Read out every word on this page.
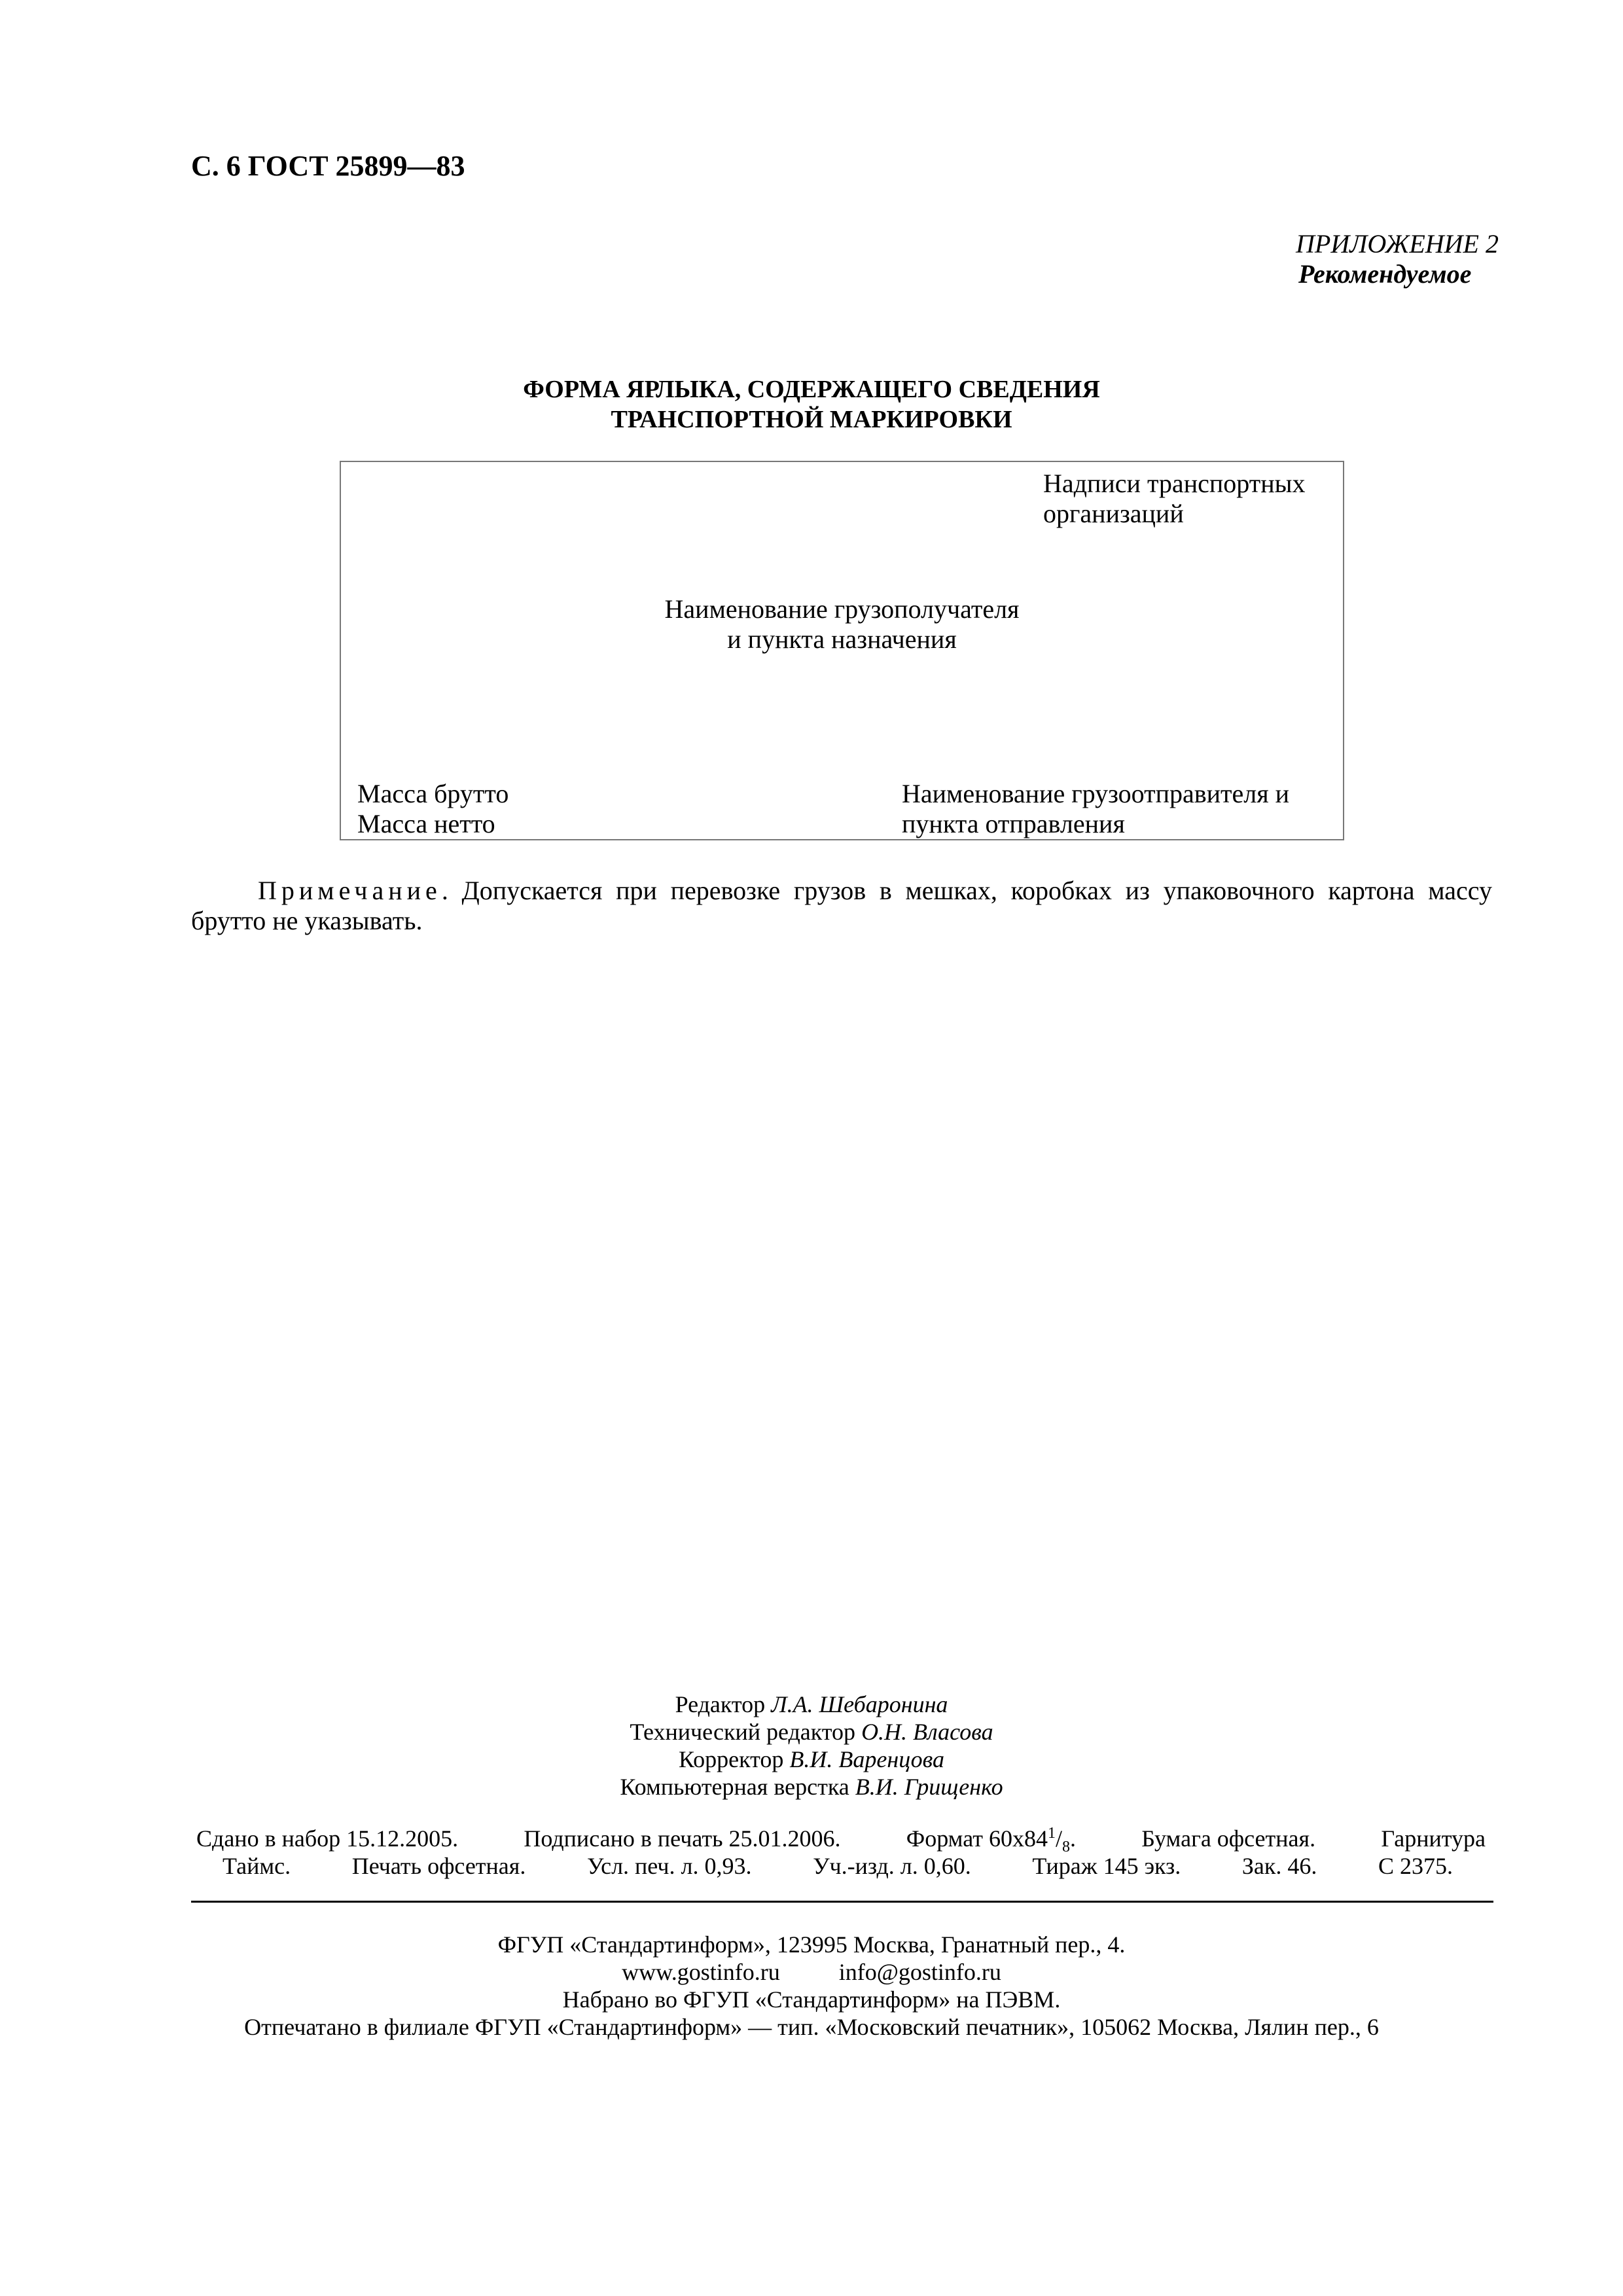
С. 6 ГОСТ 25899—83
ПРИЛОЖЕНИЕ 2
Рекомендуемое
ФОРМА ЯРЛЫКА, СОДЕРЖАЩЕГО СВЕДЕНИЯ
ТРАНСПОРТНОЙ МАРКИРОВКИ
Надписи транспортных
организаций
Наименование грузополучателя
и пункта назначения
Масса брутто
Масса нетто
Наименование грузоотправителя и
пункта отправления
Примечание. Допускается при перевозке грузов в мешках, коробках из упаковочного картона массу брутто не указывать.
Редактор Л.А. Шебаронина
Технический редактор О.Н. Власова
Корректор В.И. Варенцова
Компьютерная верстка В.И. Грищенко
Сдано в набор 15.12.2005.	Подписано в печать 25.01.2006.	Формат $60х84^1/_8$.	Бумага офсетная.	Гарнитура
Таймс.	Печать офсетная.	Усл. печ. л. 0,93.	Уч.-изд. л. 0,60.	Тираж 145 экз.	Зак. 46.	С 2375.
ФГУП «Стандартинформ», 123995 Москва, Гранатный пер., 4.
www.gostinfo.ru	info@gostinfo.ru
Набрано во ФГУП «Стандартинформ» на ПЭВМ.
Отпечатано в филиале ФГУП «Стандартинформ» — тип. «Московский печатник», 105062 Москва, Лялин пер., 6
